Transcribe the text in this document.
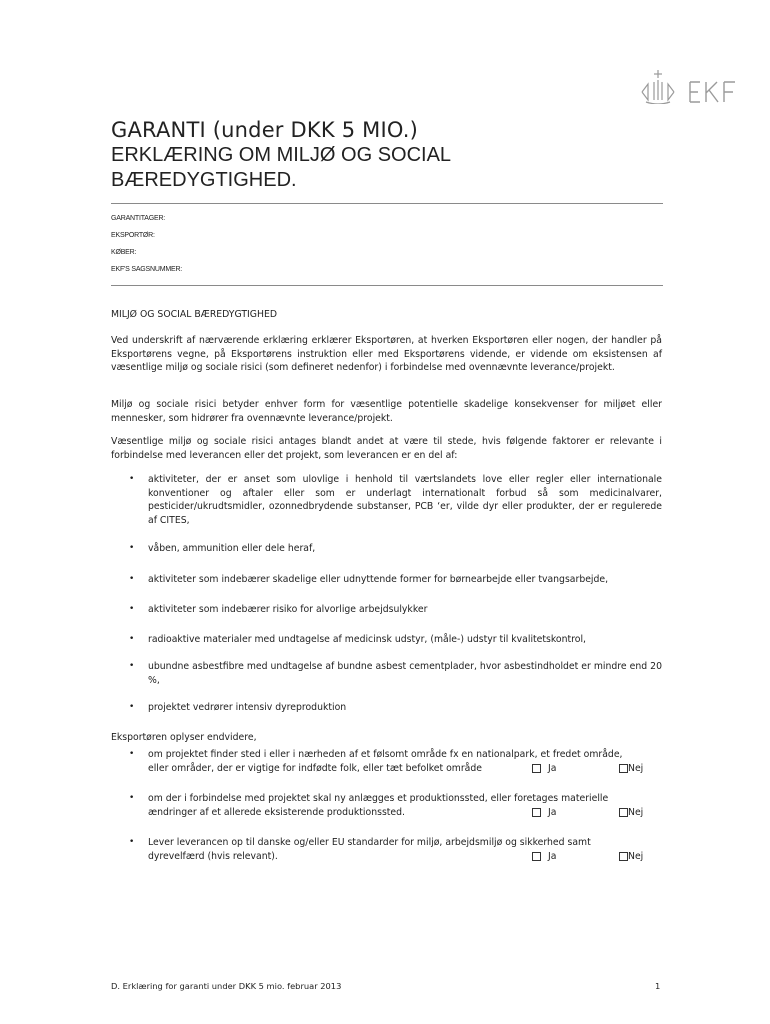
GARANTI (under DKK 5 MIO.)
ERKLÆRING OM MILJØ OG SOCIAL BÆREDYGTIGHED.
GARANTITAGER:
EKSPORTØR:
KØBER:
EKF'S SAGSNUMMER:
MILJØ OG SOCIAL BÆREDYGTIGHED
Ved underskrift af nærværende erklæring erklærer Eksportøren, at hverken Eksportøren eller nogen, der handler på Eksportørens vegne, på Eksportørens instruktion eller med Eksportørens vidende, er vidende om eksistensen af væsentlige miljø og sociale risici (som defineret nedenfor) i forbindelse med ovennævnte leverance/projekt.
Miljø og sociale risici betyder enhver form for væsentlige potentielle skadelige konsekvenser for miljøet eller mennesker, som hidrører fra ovennævnte leverance/projekt.
Væsentlige miljø og sociale risici antages blandt andet at være til stede, hvis følgende faktorer er relevante i forbindelse med leverancen eller det projekt, som leverancen er en del af:
• aktiviteter, der er anset som ulovlige i henhold til værtslandets love eller regler eller internationale konventioner og aftaler eller som er underlagt internationalt forbud så som medicinalvarer, pesticider/ukrudtsmidler, ozonnedbrydende substanser, PCB ‘er, vilde dyr eller produkter, der er regulerede af CITES,
• våben, ammunition eller dele heraf,
• aktiviteter som indebærer skadelige eller udnyttende former for børnearbejde eller tvangsarbejde,
• aktiviteter som indebærer risiko for alvorlige arbejdsulykker
• radioaktive materialer med undtagelse af medicinsk udstyr, (måle-) udstyr til kvalitetskontrol,
• ubundne asbestfibre med undtagelse af bundne asbest cementplader, hvor asbestindholdet er mindre end 20 %,
• projektet vedrører intensiv dyreproduktion
Eksportøren oplyser endvidere,
• om projektet finder sted i eller i nærheden af et følsomt område fx en nationalpark, et fredet område,
eller områder, der er vigtige for indfødte folk, eller tæt befolket område	Ja	Nej
• om der i forbindelse med projektet skal ny anlægges et produktionssted, eller foretages materielle
ændringer af et allerede eksisterende produktionssted.	Ja	Nej
• Lever leverancen op til danske og/eller EU standarder for miljø, arbejdsmiljø og sikkerhed samt
dyrevelfærd (hvis relevant).	Ja	Nej
D. Erklæring for garanti under DKK 5 mio. februar 2013	1
